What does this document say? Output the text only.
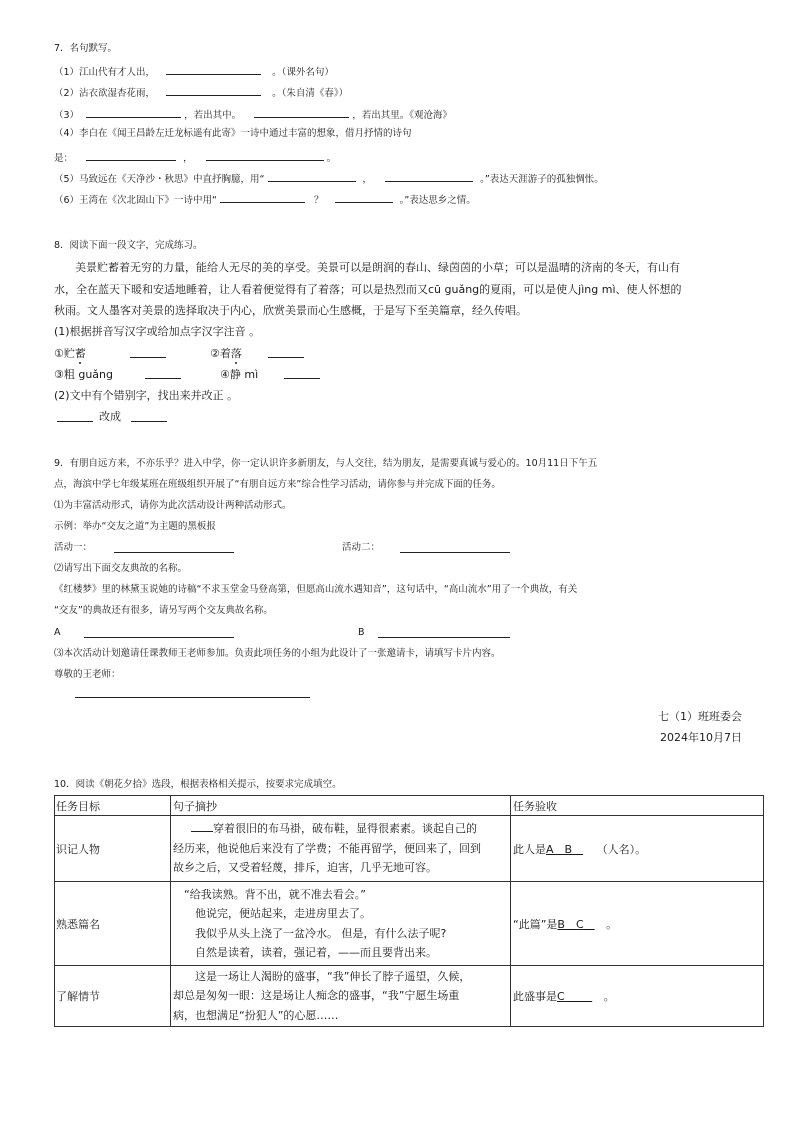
7．名句默写。
（1）江山代有才人出，	。（课外名句）
（2）沾衣欲湿杏花雨，	。（朱自清《春》）
（3）	，若出其中。	，若出其里。《观沧海》
（4）李白在《闻王昌龄左迁龙标遥有此寄》一诗中通过丰富的想象，借月抒情的诗句
是：	，	。
（5）马致远在《天净沙・秋思》中直抒胸臆，用“	，	。”表达天涯游子的孤独惆怅。
（6）王湾在《次北固山下》一诗中用“	？	。”表达思乡之情。
8．阅读下面一段文字，完成练习。
美景贮蓄着无穷的力量，能给人无尽的美的享受。美景可以是朗润的春山、绿茵茵的小草；可以是温晴的济南的冬天，有山有
水，全在蓝天下暖和安适地睡着，让人看着便觉得有了着落；可以是热烈而又cū guǎng的夏雨，可以是使人jìng mì、使人怀想的
秋雨。文人墨客对美景的选择取决于内心，欣赏美景而心生感概，于是写下至美篇章，经久传唱。
(1)根据拼音写汉字或给加点字汉字注音 。
①贮蓄	②着落
③粗 guǎng	④静 mì
(2)文中有个错别字，找出来并改正 。
改成
9．有朋自远方来，不亦乐乎？进入中学，你一定认识许多新朋友，与人交往，结为朋友，是需要真诚与爱心的。10月11日下午五
点，海滨中学七年级某班在班级组织开展了“有朋自远方来”综合性学习活动，请你参与并完成下面的任务。
⑴为丰富活动形式，请你为此次活动设计两种活动形式。
示例：举办“交友之道”为主题的黑板报
活动一：	活动二：
⑵请写出下面交友典故的名称。
《红楼梦》里的林黛玉说她的诗稿“不求玉堂金马登高第，但愿高山流水遇知音”，这句话中，“高山流水”用了一个典故，有关
“交友”的典故还有很多，请另写两个交友典故名称。
A	B
⑶本次活动计划邀请任课教师王老师参加。负责此项任务的小组为此设计了一张邀请卡，请填写卡片内容。
尊敬的王老师：
七（1）班班委会
2024年10月7日
10．阅读《朝花夕拾》选段，根据表格相关提示，按要求完成填空。
任务目标	句子摘抄	任务验收
识记人物	穿着很旧的布马褂，破布鞋，显得很素素。谈起自己的

经历来，他说他后来没有了学费；不能再留学，便回来了，回到

故乡之后，又受着轻蔑，排斥，迫害，几乎无地可容。	此人是A   B   （人名）。
熟悉篇名	“给我读熟。背不出，就不准去看会。”

他说完，便站起来，走进房里去了。

我似乎从头上浇了一盆冷水。 但是，有什么法子呢?

自然是读着，读着，强记着，——而且要背出来。	“此篇”是B   C   。
了解情节	这是一场让人渴盼的盛事，“我”伸长了脖子遥望，久候，

却总是匆匆一眼：这是场让人痴念的盛事，“我”宁愿生场重

病，也想满足“扮犯人”的心愿……	此盛事是C      。
